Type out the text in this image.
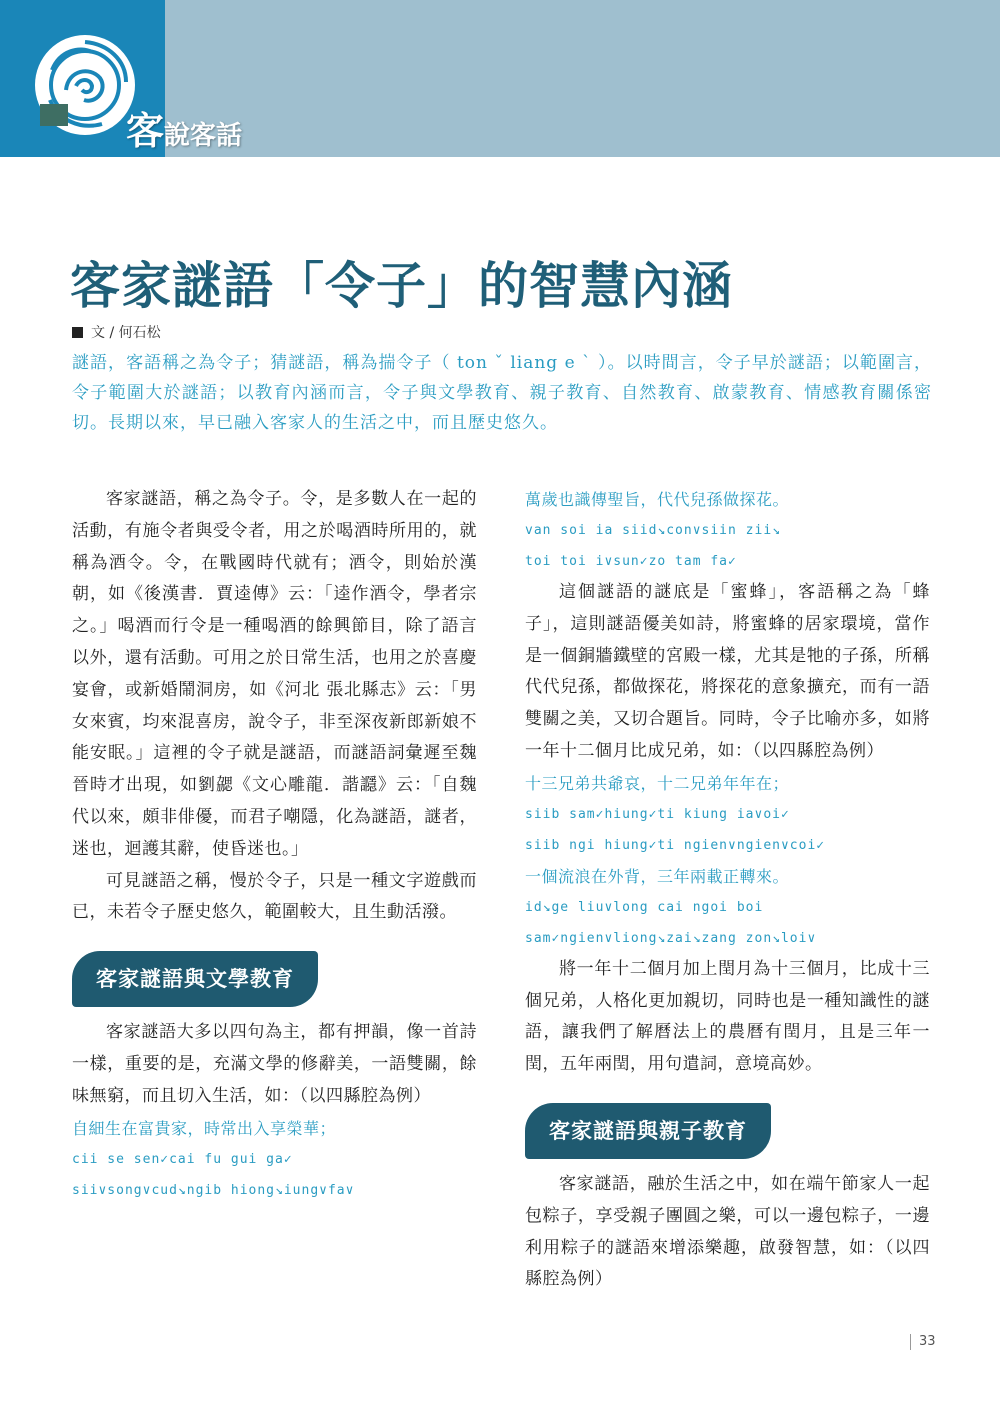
客說客話
客家謎語「令子」的智慧內涵
文 / 何石松

謎語，客語稱之為令子；猜謎語，稱為揣令子（ ton ˇ liang e ˋ ）。以時間言，令子早於謎語；以範圍言，令子範圍大於謎語；以教育內涵而言，令子與文學教育、親子教育、自然教育、啟蒙教育、情感教育關係密切。長期以來，早已融入客家人的生活之中，而且歷史悠久。

客家謎語，稱之為令子。令，是多數人在一起的活動，有施令者與受令者，用之於喝酒時所用的，就稱為酒令。令，在戰國時代就有；酒令，則始於漢朝，如《後漢書．賈逵傳》云：「逵作酒令，學者宗之。」喝酒而行令是一種喝酒的餘興節目，除了語言以外，還有活動。可用之於日常生活，也用之於喜慶宴會，或新婚鬧洞房，如《河北 張北縣志》云：「男女來賓，均來混喜房，說令子，非至深夜新郎新娘不能安眠。」這裡的令子就是謎語，而謎語詞彙遲至魏晉時才出現，如劉勰《文心雕龍．諧讔》云：「自魏代以來，頗非俳優，而君子嘲隱，化為謎語，謎者，迷也，迴護其辭，使昏迷也。」

可見謎語之稱，慢於令子，只是一種文字遊戲而已，未若令子歷史悠久，範圍較大，且生動活潑。

客家謎語與文學教育

客家謎語大多以四句為主，都有押韻，像一首詩一樣，重要的是，充滿文學的修辭美，一語雙關，餘味無窮，而且切入生活，如：（以四縣腔為例）

自細生在富貴家，時常出入享榮華；

cii se sen✓cai fu gui ga✓

sii∨song∨cud↘ngib hiong↘iung∨fa∨

萬歲也識傳聖旨，代代兒孫做探花。

van soi ia siid↘con∨siin zii↘

toi toi i∨sun✓zo tam fa✓

這個謎語的謎底是「蜜蜂」，客語稱之為「蜂子」，這則謎語優美如詩，將蜜蜂的居家環境，當作是一個銅牆鐵壁的宮殿一樣，尤其是牠的子孫，所稱代代兒孫，都做探花，將探花的意象擴充，而有一語雙關之美，又切合題旨。同時，令子比喻亦多，如將一年十二個月比成兄弟，如：（以四縣腔為例）

十三兄弟共爺哀，十二兄弟年年在；

siib sam✓hiung✓ti kiung ia∨oi✓

siib ngi hiung✓ti ngien∨ngien∨coi✓

一個流浪在外背，三年兩載正轉來。

id↘ge liu∨long cai ngoi boi

sam✓ngien∨liong↘zai↘zang zon↘loi∨

將一年十二個月加上閏月為十三個月，比成十三個兄弟，人格化更加親切，同時也是一種知識性的謎語，讓我們了解曆法上的農曆有閏月，且是三年一閏，五年兩閏，用句遣詞，意境高妙。

客家謎語與親子教育

客家謎語，融於生活之中，如在端午節家人一起包粽子，享受親子團圓之樂，可以一邊包粽子，一邊利用粽子的謎語來增添樂趣，啟發智慧，如：（以四縣腔為例）

33
